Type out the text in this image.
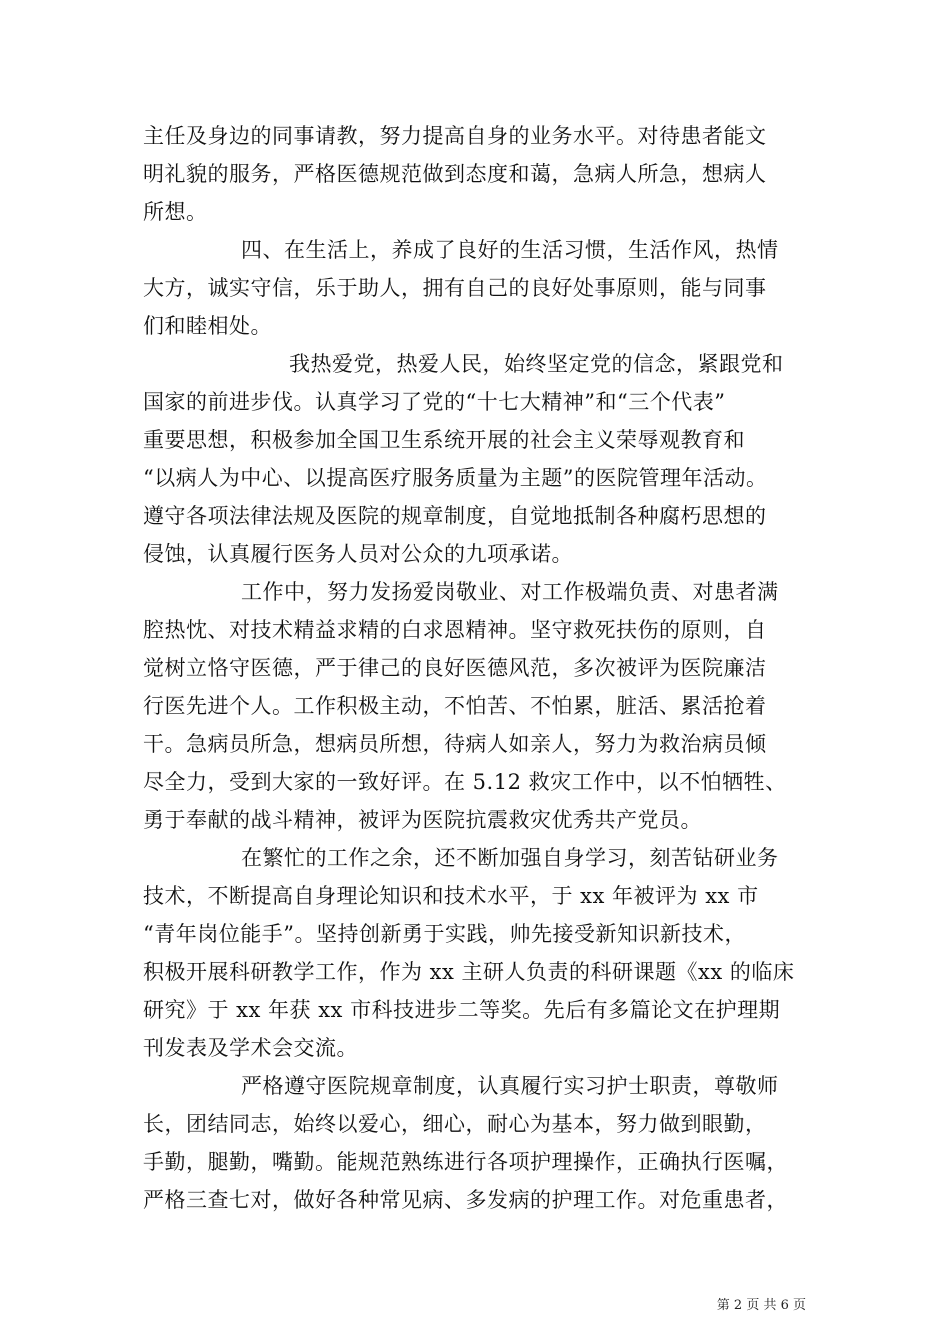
主任及身边的同事请教，努力提高自身的业务水平。对待患者能文
明礼貌的服务，严格医德规范做到态度和蔼，急病人所急，想病人
所想。
四、在生活上，养成了良好的生活习惯，生活作风，热情
大方，诚实守信，乐于助人，拥有自己的良好处事原则，能与同事
们和睦相处。
我热爱党，热爱人民，始终坚定党的信念，紧跟党和
国家的前进步伐。认真学习了党的“十七大精神”和“三个代表”
重要思想，积极参加全国卫生系统开展的社会主义荣辱观教育和
“以病人为中心、以提高医疗服务质量为主题”的医院管理年活动。
遵守各项法律法规及医院的规章制度，自觉地抵制各种腐朽思想的
侵蚀，认真履行医务人员对公众的九项承诺。
工作中，努力发扬爱岗敬业、对工作极端负责、对患者满
腔热忱、对技术精益求精的白求恩精神。坚守救死扶伤的原则，自
觉树立恪守医德，严于律己的良好医德风范，多次被评为医院廉洁
行医先进个人。工作积极主动，不怕苦、不怕累，脏活、累活抢着
干。急病员所急，想病员所想，待病人如亲人，努力为救治病员倾
尽全力，受到大家的一致好评。在 5.12 救灾工作中，以不怕牺牲、
勇于奉献的战斗精神，被评为医院抗震救灾优秀共产党员。
在繁忙的工作之余，还不断加强自身学习，刻苦钻研业务
技术，不断提高自身理论知识和技术水平，于 xx 年被评为 xx 市
“青年岗位能手”。坚持创新勇于实践，帅先接受新知识新技术，
积极开展科研教学工作，作为 xx 主研人负责的科研课题《xx 的临床
研究》于 xx 年获 xx 市科技进步二等奖。先后有多篇论文在护理期
刊发表及学术会交流。
严格遵守医院规章制度，认真履行实习护士职责，尊敬师
长，团结同志，始终以爱心，细心，耐心为基本，努力做到眼勤，
手勤，腿勤，嘴勤。能规范熟练进行各项护理操作，正确执行医嘱，
严格三查七对，做好各种常见病、多发病的护理工作。对危重患者，
第 2 页 共 6 页
